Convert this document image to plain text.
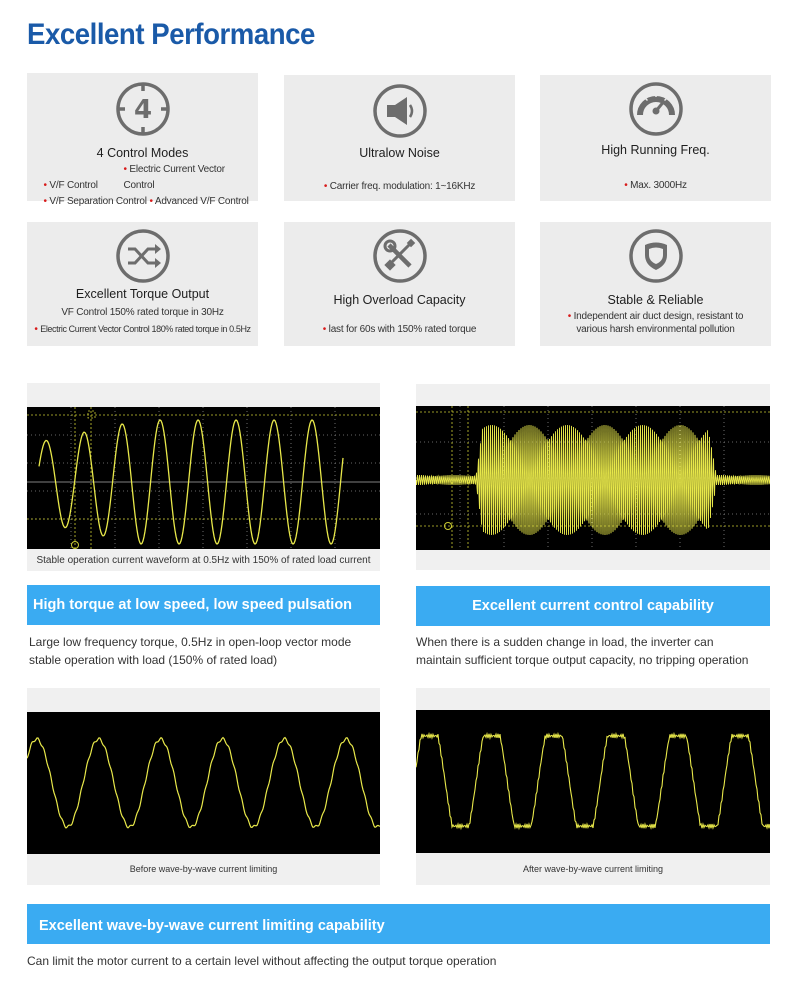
Excellent Performance
4
4 Control Modes
• V/F Control• Electric Current Vector Control
• V/F Separation Control • Advanced V/F Control
Ultralow Noise
• Carrier freq. modulation: 1~16KHz
High Running Freq.
• Max. 3000Hz
Excellent Torque Output
VF Control 150% rated torque in 30Hz
• Electric Current Vector Control 180% rated torque in 0.5Hz
High Overload Capacity
• last for 60s with 150% rated torque
Stable & Reliable
• Independent air duct design, resistant to
various harsh environmental pollution
Stable operation current waveform at 0.5Hz with 150% of rated load current
High torque at low speed, low speed pulsation	Excellent current control capability
Large low frequency torque, 0.5Hz in open-loop vector mode
stable operation with load (150% of rated load)
When there is a sudden change in load, the inverter can
maintain sufficient torque output capacity, no tripping operation
Before wave-by-wave current limiting	After wave-by-wave current limiting
Excellent wave-by-wave current limiting capability
Can limit the motor current to a certain level without affecting the output torque operation
